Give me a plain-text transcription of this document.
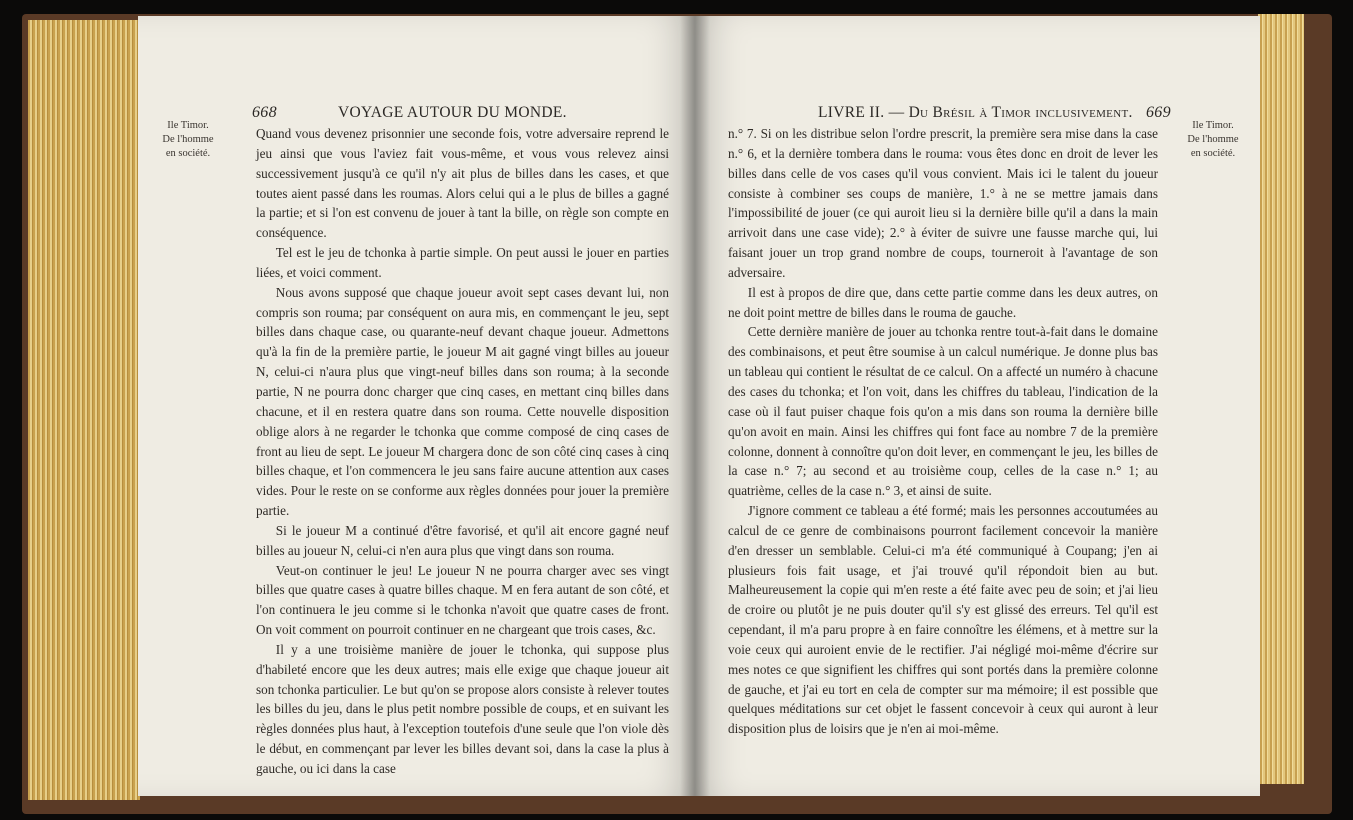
668	VOYAGE AUTOUR DU MONDE.
Ile Timor.
De l'homme
en société.

Quand vous devenez prisonnier une seconde fois, votre adversaire reprend le jeu ainsi que vous l'aviez fait vous-même, et vous vous relevez ainsi successivement jusqu'à ce qu'il n'y ait plus de billes dans les cases, et que toutes aient passé dans les roumas. Alors celui qui a le plus de billes a gagné la partie; et si l'on est convenu de jouer à tant la bille, on règle son compte en conséquence.

Tel est le jeu de tchonka à partie simple. On peut aussi le jouer en parties liées, et voici comment.

Nous avons supposé que chaque joueur avoit sept cases devant lui, non compris son rouma; par conséquent on aura mis, en commençant le jeu, sept billes dans chaque case, ou quarante-neuf devant chaque joueur. Admettons qu'à la fin de la première partie, le joueur M ait gagné vingt billes au joueur N, celui-ci n'aura plus que vingt-neuf billes dans son rouma; à la seconde partie, N ne pourra donc charger que cinq cases, en mettant cinq billes dans chacune, et il en restera quatre dans son rouma. Cette nouvelle disposition oblige alors à ne regarder le tchonka que comme composé de cinq cases de front au lieu de sept. Le joueur M chargera donc de son côté cinq cases à cinq billes chaque, et l'on commencera le jeu sans faire aucune attention aux cases vides. Pour le reste on se conforme aux règles données pour jouer la première partie.

Si le joueur M a continué d'être favorisé, et qu'il ait encore gagné neuf billes au joueur N, celui-ci n'en aura plus que vingt dans son rouma.

Veut-on continuer le jeu! Le joueur N ne pourra charger avec ses vingt billes que quatre cases à quatre billes chaque. M en fera autant de son côté, et l'on continuera le jeu comme si le tchonka n'avoit que quatre cases de front. On voit comment on pourroit continuer en ne chargeant que trois cases, &c.

Il y a une troisième manière de jouer le tchonka, qui suppose plus d'habileté encore que les deux autres; mais elle exige que chaque joueur ait son tchonka particulier. Le but qu'on se propose alors consiste à relever toutes les billes du jeu, dans le plus petit nombre possible de coups, et en suivant les règles données plus haut, à l'exception toutefois d'une seule que l'on viole dès le début, en commençant par lever les billes devant soi, dans la case la plus à gauche, ou ici dans la case

LIVRE II. — Du Brésil à Timor inclusivement. 669

n.° 7. Si on les distribue selon l'ordre prescrit, la première sera mise dans la case n.° 6, et la dernière tombera dans le rouma: vous êtes donc en droit de lever les billes dans celle de vos cases qu'il vous convient. Mais ici le talent du joueur consiste à combiner ses coups de manière, 1.° à ne se mettre jamais dans l'impossibilité de jouer (ce qui auroit lieu si la dernière bille qu'il a dans la main arrivoit dans une case vide); 2.° à éviter de suivre une fausse marche qui, lui faisant jouer un trop grand nombre de coups, tourneroit à l'avantage de son adversaire.

Il est à propos de dire que, dans cette partie comme dans les deux autres, on ne doit point mettre de billes dans le rouma de gauche.

Cette dernière manière de jouer au tchonka rentre tout-à-fait dans le domaine des combinaisons, et peut être soumise à un calcul numérique. Je donne plus bas un tableau qui contient le résultat de ce calcul. On a affecté un numéro à chacune des cases du tchonka; et l'on voit, dans les chiffres du tableau, l'indication de la case où il faut puiser chaque fois qu'on a mis dans son rouma la dernière bille qu'on avoit en main. Ainsi les chiffres qui font face au nombre 7 de la première colonne, donnent à connoître qu'on doit lever, en commençant le jeu, les billes de la case n.° 7; au second et au troisième coup, celles de la case n.° 1; au quatrième, celles de la case n.° 3, et ainsi de suite.

J'ignore comment ce tableau a été formé; mais les personnes accoutumées au calcul de ce genre de combinaisons pourront facilement concevoir la manière d'en dresser un semblable. Celui-ci m'a été communiqué à Coupang; j'en ai plusieurs fois fait usage, et j'ai trouvé qu'il répondoit bien au but. Malheureusement la copie qui m'en reste a été faite avec peu de soin; et j'ai lieu de croire ou plutôt je ne puis douter qu'il s'y est glissé des erreurs. Tel qu'il est cependant, il m'a paru propre à en faire connoître les élémens, et à mettre sur la voie ceux qui auroient envie de le rectifier. J'ai négligé moi-même d'écrire sur mes notes ce que signifient les chiffres qui sont portés dans la première colonne de gauche, et j'ai eu tort en cela de compter sur ma mémoire; il est possible que quelques méditations sur cet objet le fassent concevoir à ceux qui auront à leur disposition plus de loisirs que je n'en ai moi-même.

Ile Timor.
De l'homme
en société.
